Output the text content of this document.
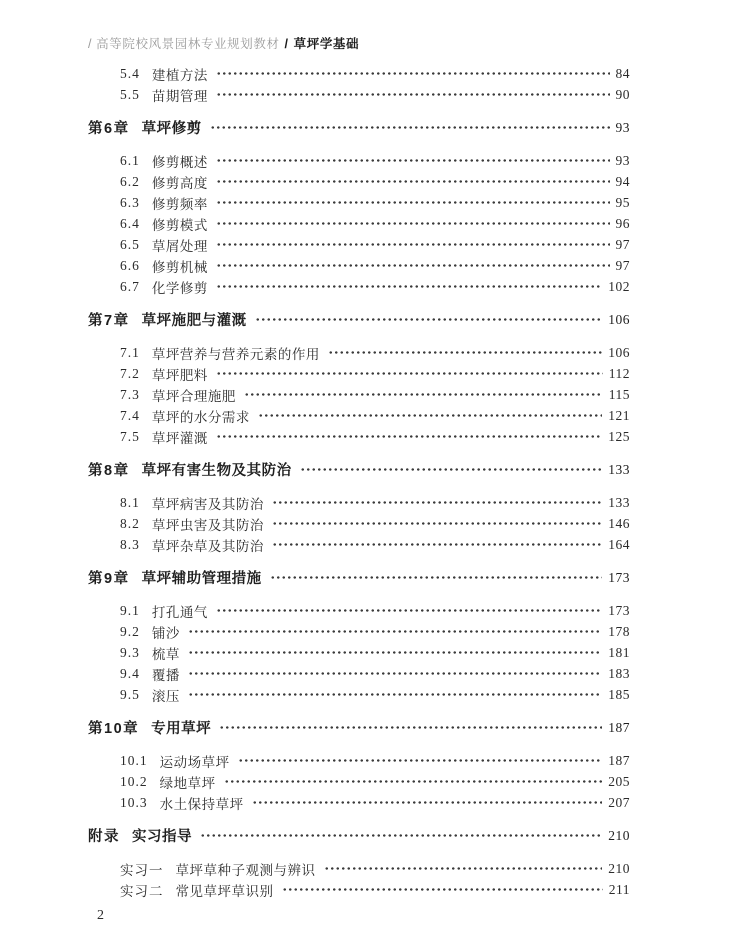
/ 高等院校风景园林专业规划教材 / 草坪学基础
5.4 建植方法	84
5.5 苗期管理	90
第6章 草坪修剪	93
6.1 修剪概述	93
6.2 修剪高度	94
6.3 修剪频率	95
6.4 修剪模式	96
6.5 草屑处理	97
6.6 修剪机械	97
6.7 化学修剪	102
第7章 草坪施肥与灌溉	106
7.1 草坪营养与营养元素的作用	106
7.2 草坪肥料	112
7.3 草坪合理施肥	115
7.4 草坪的水分需求	121
7.5 草坪灌溉	125
第8章 草坪有害生物及其防治	133
8.1 草坪病害及其防治	133
8.2 草坪虫害及其防治	146
8.3 草坪杂草及其防治	164
第9章 草坪辅助管理措施	173
9.1 打孔通气	173
9.2 铺沙	178
9.3 梳草	181
9.4 覆播	183
9.5 滚压	185
第10章 专用草坪	187
10.1 运动场草坪	187
10.2 绿地草坪	205
10.3 水土保持草坪	207
附录 实习指导	210
实习一 草坪草种子观测与辨识	210
实习二 常见草坪草识别	211
2
